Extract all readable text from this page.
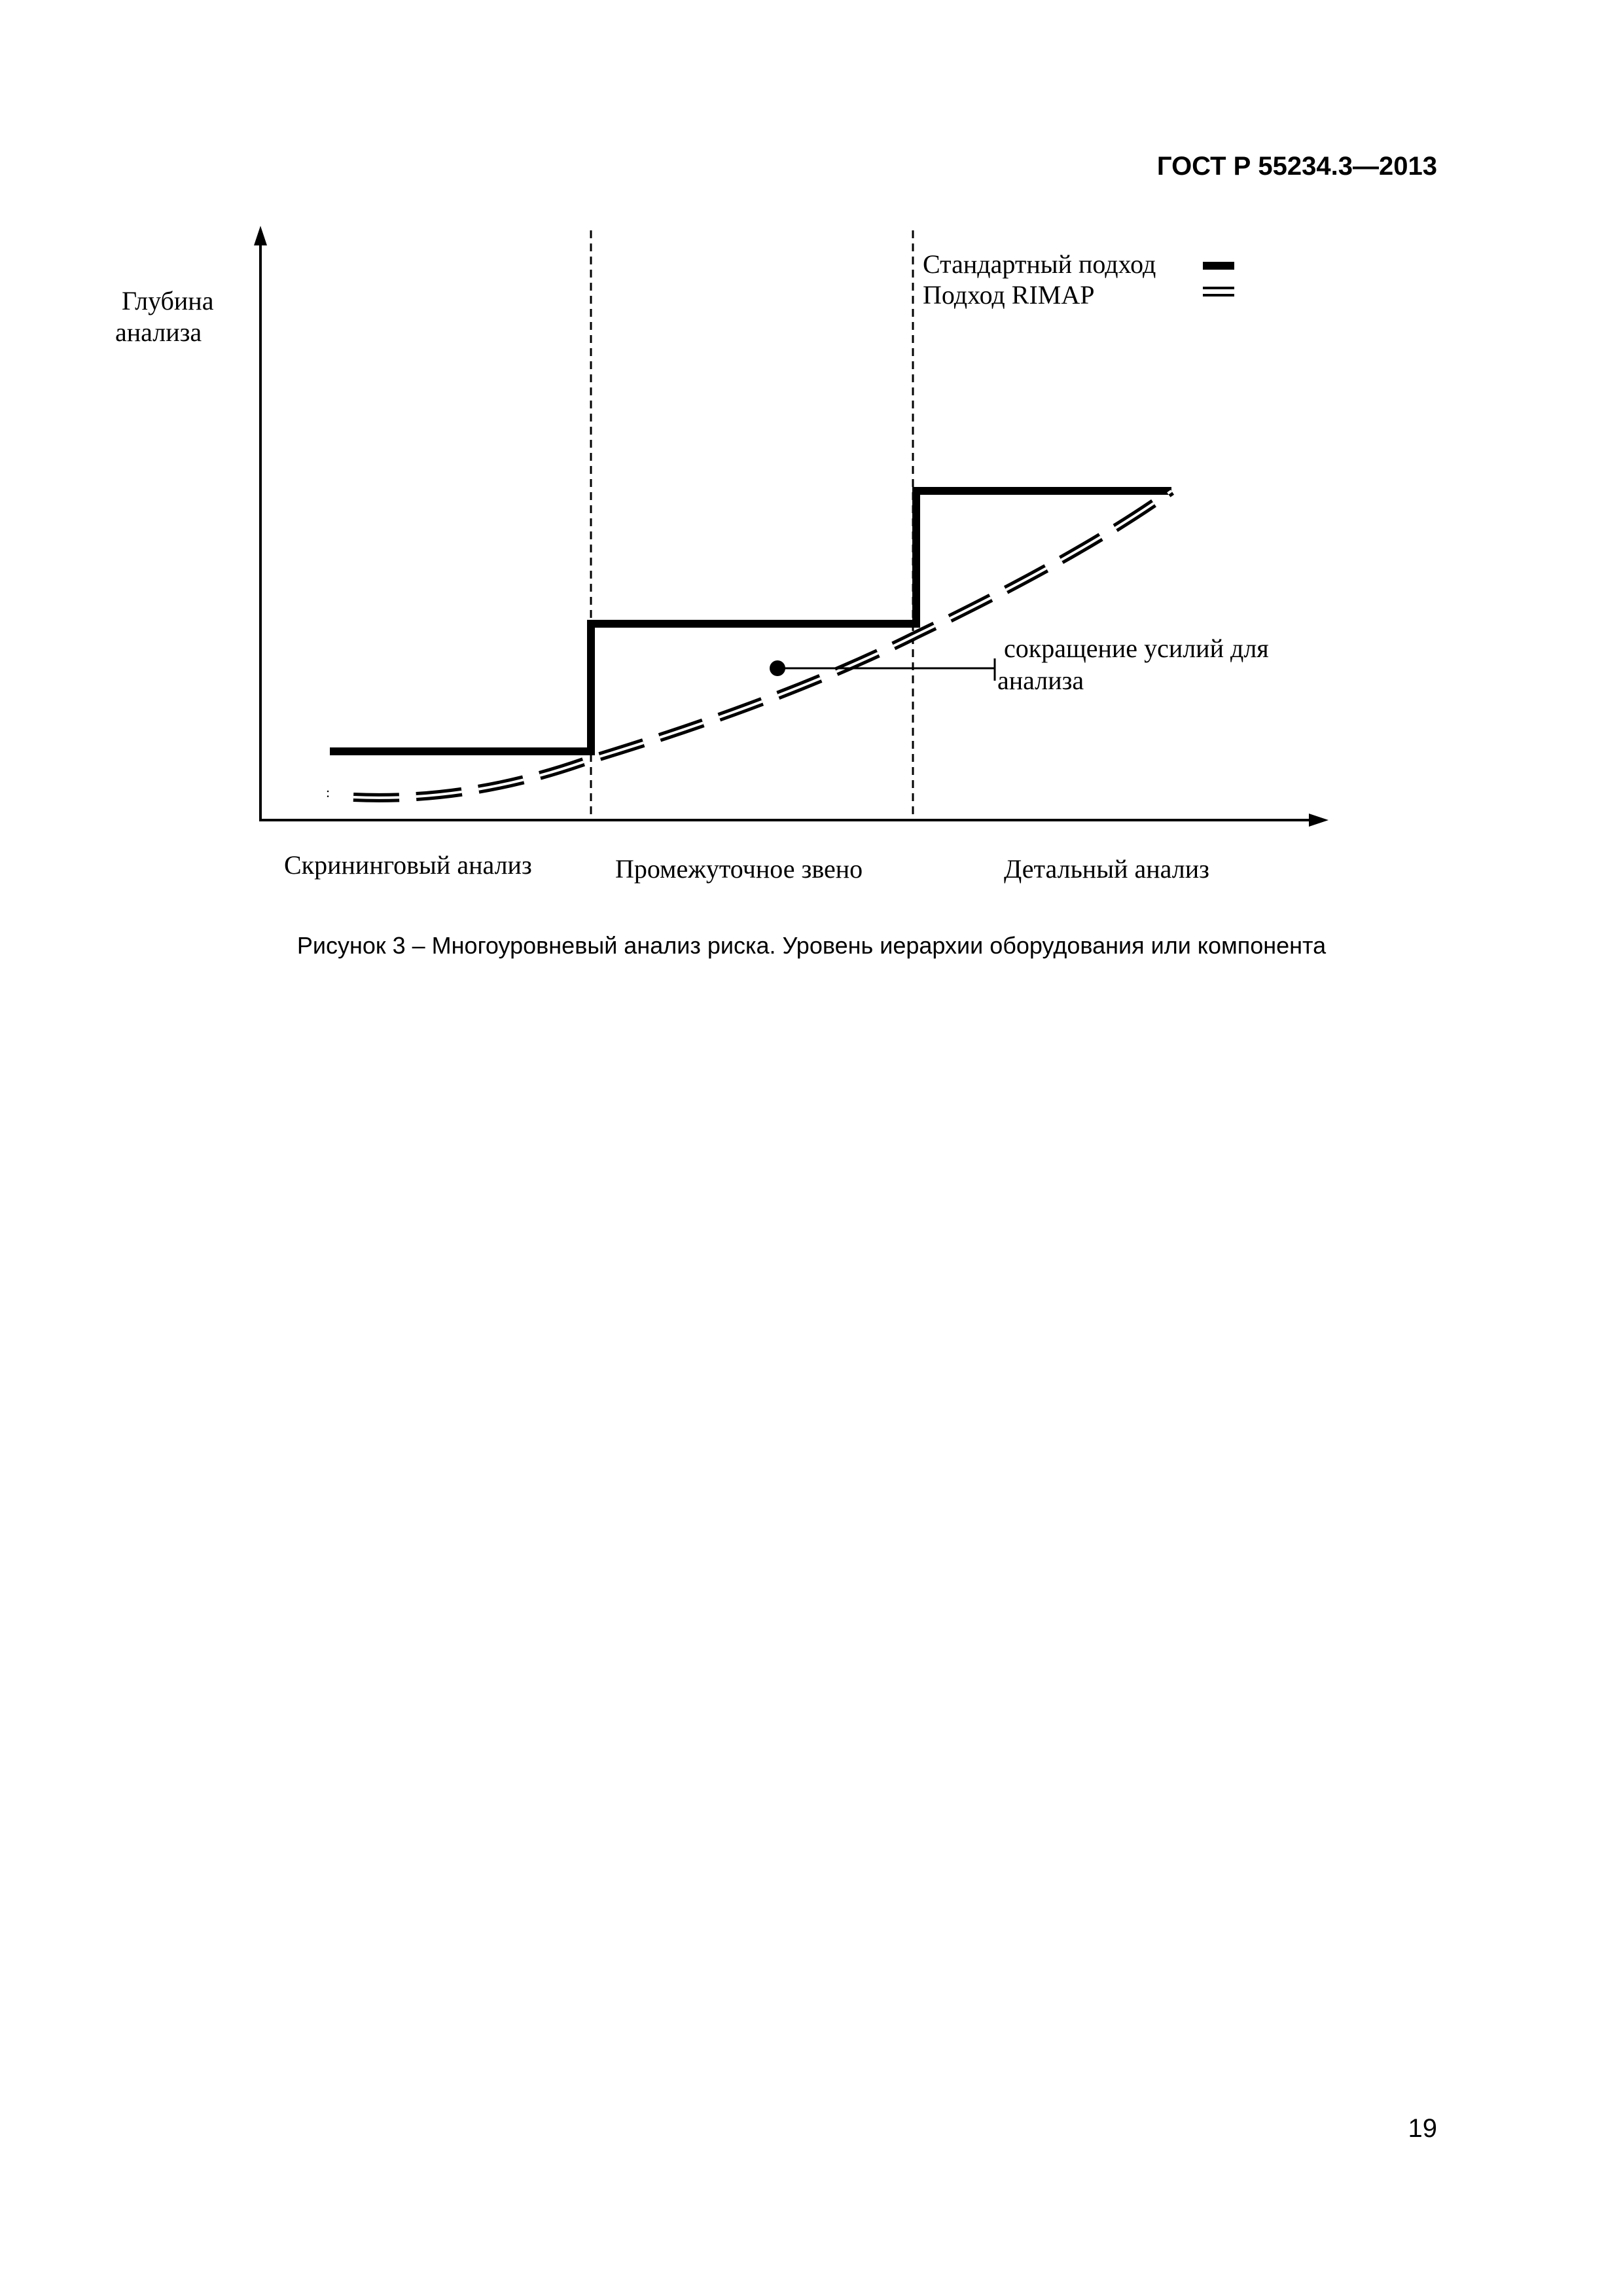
ГОСТ Р 55234.3—2013
:
сокращение усилий для
анализа
Глубина
анализа
Стандартный подход
Подход RIMAP
Скрининговый анализ	Промежуточное звено	Детальный анализ
Рисунок 3 – Многоуровневый анализ риска. Уровень иерархии оборудования или компонента
19
